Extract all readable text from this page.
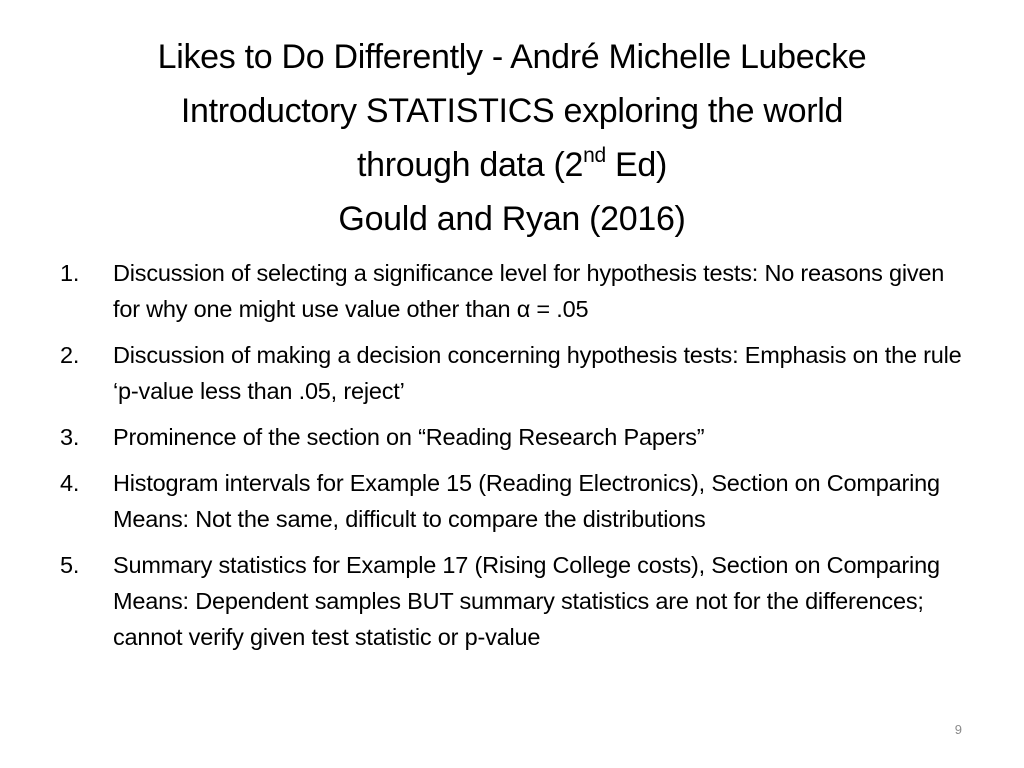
Likes to Do Differently - André Michelle Lubecke
Introductory STATISTICS exploring the world
through data (2nd Ed)
Gould and Ryan (2016)
1. Discussion of selecting a significance level for hypothesis tests: No reasons given for why one might use value other than α = .05
2. Discussion of making a decision concerning hypothesis tests: Emphasis on the rule ‘p-value less than .05, reject’
3. Prominence of the section on “Reading Research Papers”
4. Histogram intervals for Example 15 (Reading Electronics), Section on Comparing Means: Not the same, difficult to compare the distributions
5. Summary statistics for Example 17 (Rising College costs), Section on Comparing Means: Dependent samples BUT summary statistics are not for the differences; cannot verify given test statistic or p-value
9
